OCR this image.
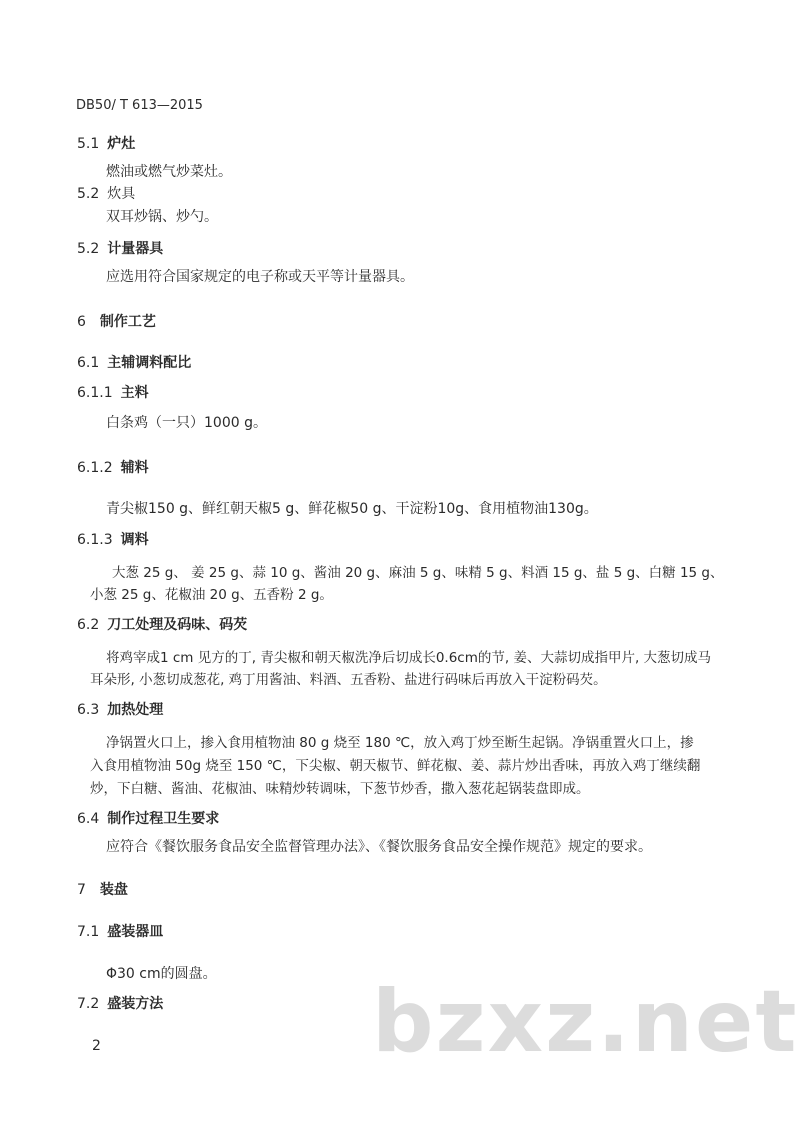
DB50/ T 613—2015
5.1 炉灶
燃油或燃气炒菜灶。
5.2 炊具
双耳炒锅、炒勺。
5.2 计量器具
应选用符合国家规定的电子称或天平等计量器具。
6 制作工艺
6.1 主辅调料配比
6.1.1 主料
白条鸡（一只）1000 g。
6.1.2 辅料
青尖椒150 g、鲜红朝天椒5 g、鲜花椒50 g、干淀粉10g、食用植物油130g。
6.1.3 调料
大葱 25 g、 姜 25 g、蒜 10 g、酱油 20 g、麻油 5 g、味精 5 g、料酒 15 g、盐 5 g、白糖 15 g、
小葱 25 g、花椒油 20 g、五香粉 2 g。
6.2 刀工处理及码味、码芡
将鸡宰成1 cm 见方的丁, 青尖椒和朝天椒洗净后切成长0.6cm的节, 姜、大蒜切成指甲片, 大葱切成马
耳朵形, 小葱切成葱花, 鸡丁用酱油、料酒、五香粉、盐进行码味后再放入干淀粉码芡。
6.3 加热处理
净锅置火口上，掺入食用植物油 80 g 烧至 180 ℃，放入鸡丁炒至断生起锅。净锅重置火口上，掺
入食用植物油 50g 烧至 150 ℃，下尖椒、朝天椒节、鲜花椒、姜、蒜片炒出香味，再放入鸡丁继续翻
炒，下白糖、酱油、花椒油、味精炒转调味，下葱节炒香，撒入葱花起锅装盘即成。
6.4 制作过程卫生要求
应符合《餐饮服务食品安全监督管理办法》、《餐饮服务食品安全操作规范》规定的要求。
7 装盘
7.1 盛装器皿
Φ30 cm的圆盘。
7.2 盛装方法 bzxz.net
2
